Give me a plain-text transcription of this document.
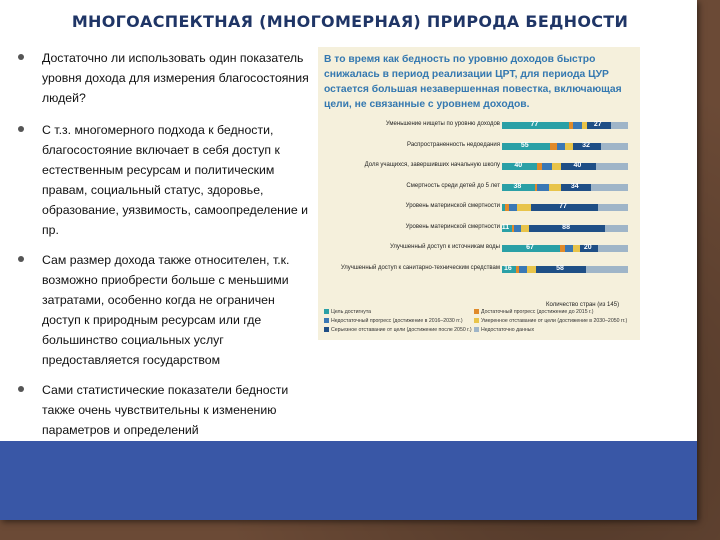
МНОГОАСПЕКТНАЯ (МНОГОМЕРНАЯ) ПРИРОДА БЕДНОСТИ
Достаточно ли использовать один показатель уровня дохода для измерения благосостояния людей?
С т.з. многомерного подхода к бедности, благосостояние включает в себя доступ к естественным ресурсам и политическим правам, социальный статус, здоровье, образование, уязвимость, самоопределение и пр.
Сам размер дохода также относителен, т.к. возможно приобрести больше с меньшими затратами, особенно когда не ограничен доступ к природным ресурсам или где большинство социальных услуг предоставляется государством
Сами статистические показатели бедности также очень чувствительны к изменению параметров и определений
В то время как бедность по уровню доходов быстро снижалась в период реализации ЦРТ, для периода ЦУР остается большая незавершенная повестка, включающая цели, не связанные с уровнем доходов.
Уменьшение нищеты по уровню доходов	77	27
Распространенность недоедания	55	32
Доля учащихся, завершивших начальную школу 40	40
Смертность среди детей до 5 лет 38	34
Уровень материнской смертности	77
Уровень материнской смертности 11	88
Улучшенный доступ к источникам воды	67	20
Улучшенный доступ к санитарно-техническим средствам 16	58
Количество стран (из 145)
Цель достигнута	Достаточный прогресс (достижение до 2015 г.)
Недостаточный прогресс (достижение в 2016–2030 гг.)	Умеренное отставание от цели (достижение в 2030–2050 гг.)
Серьезное отставание от цели (достижение после 2050 г.)	Недостаточно данных
